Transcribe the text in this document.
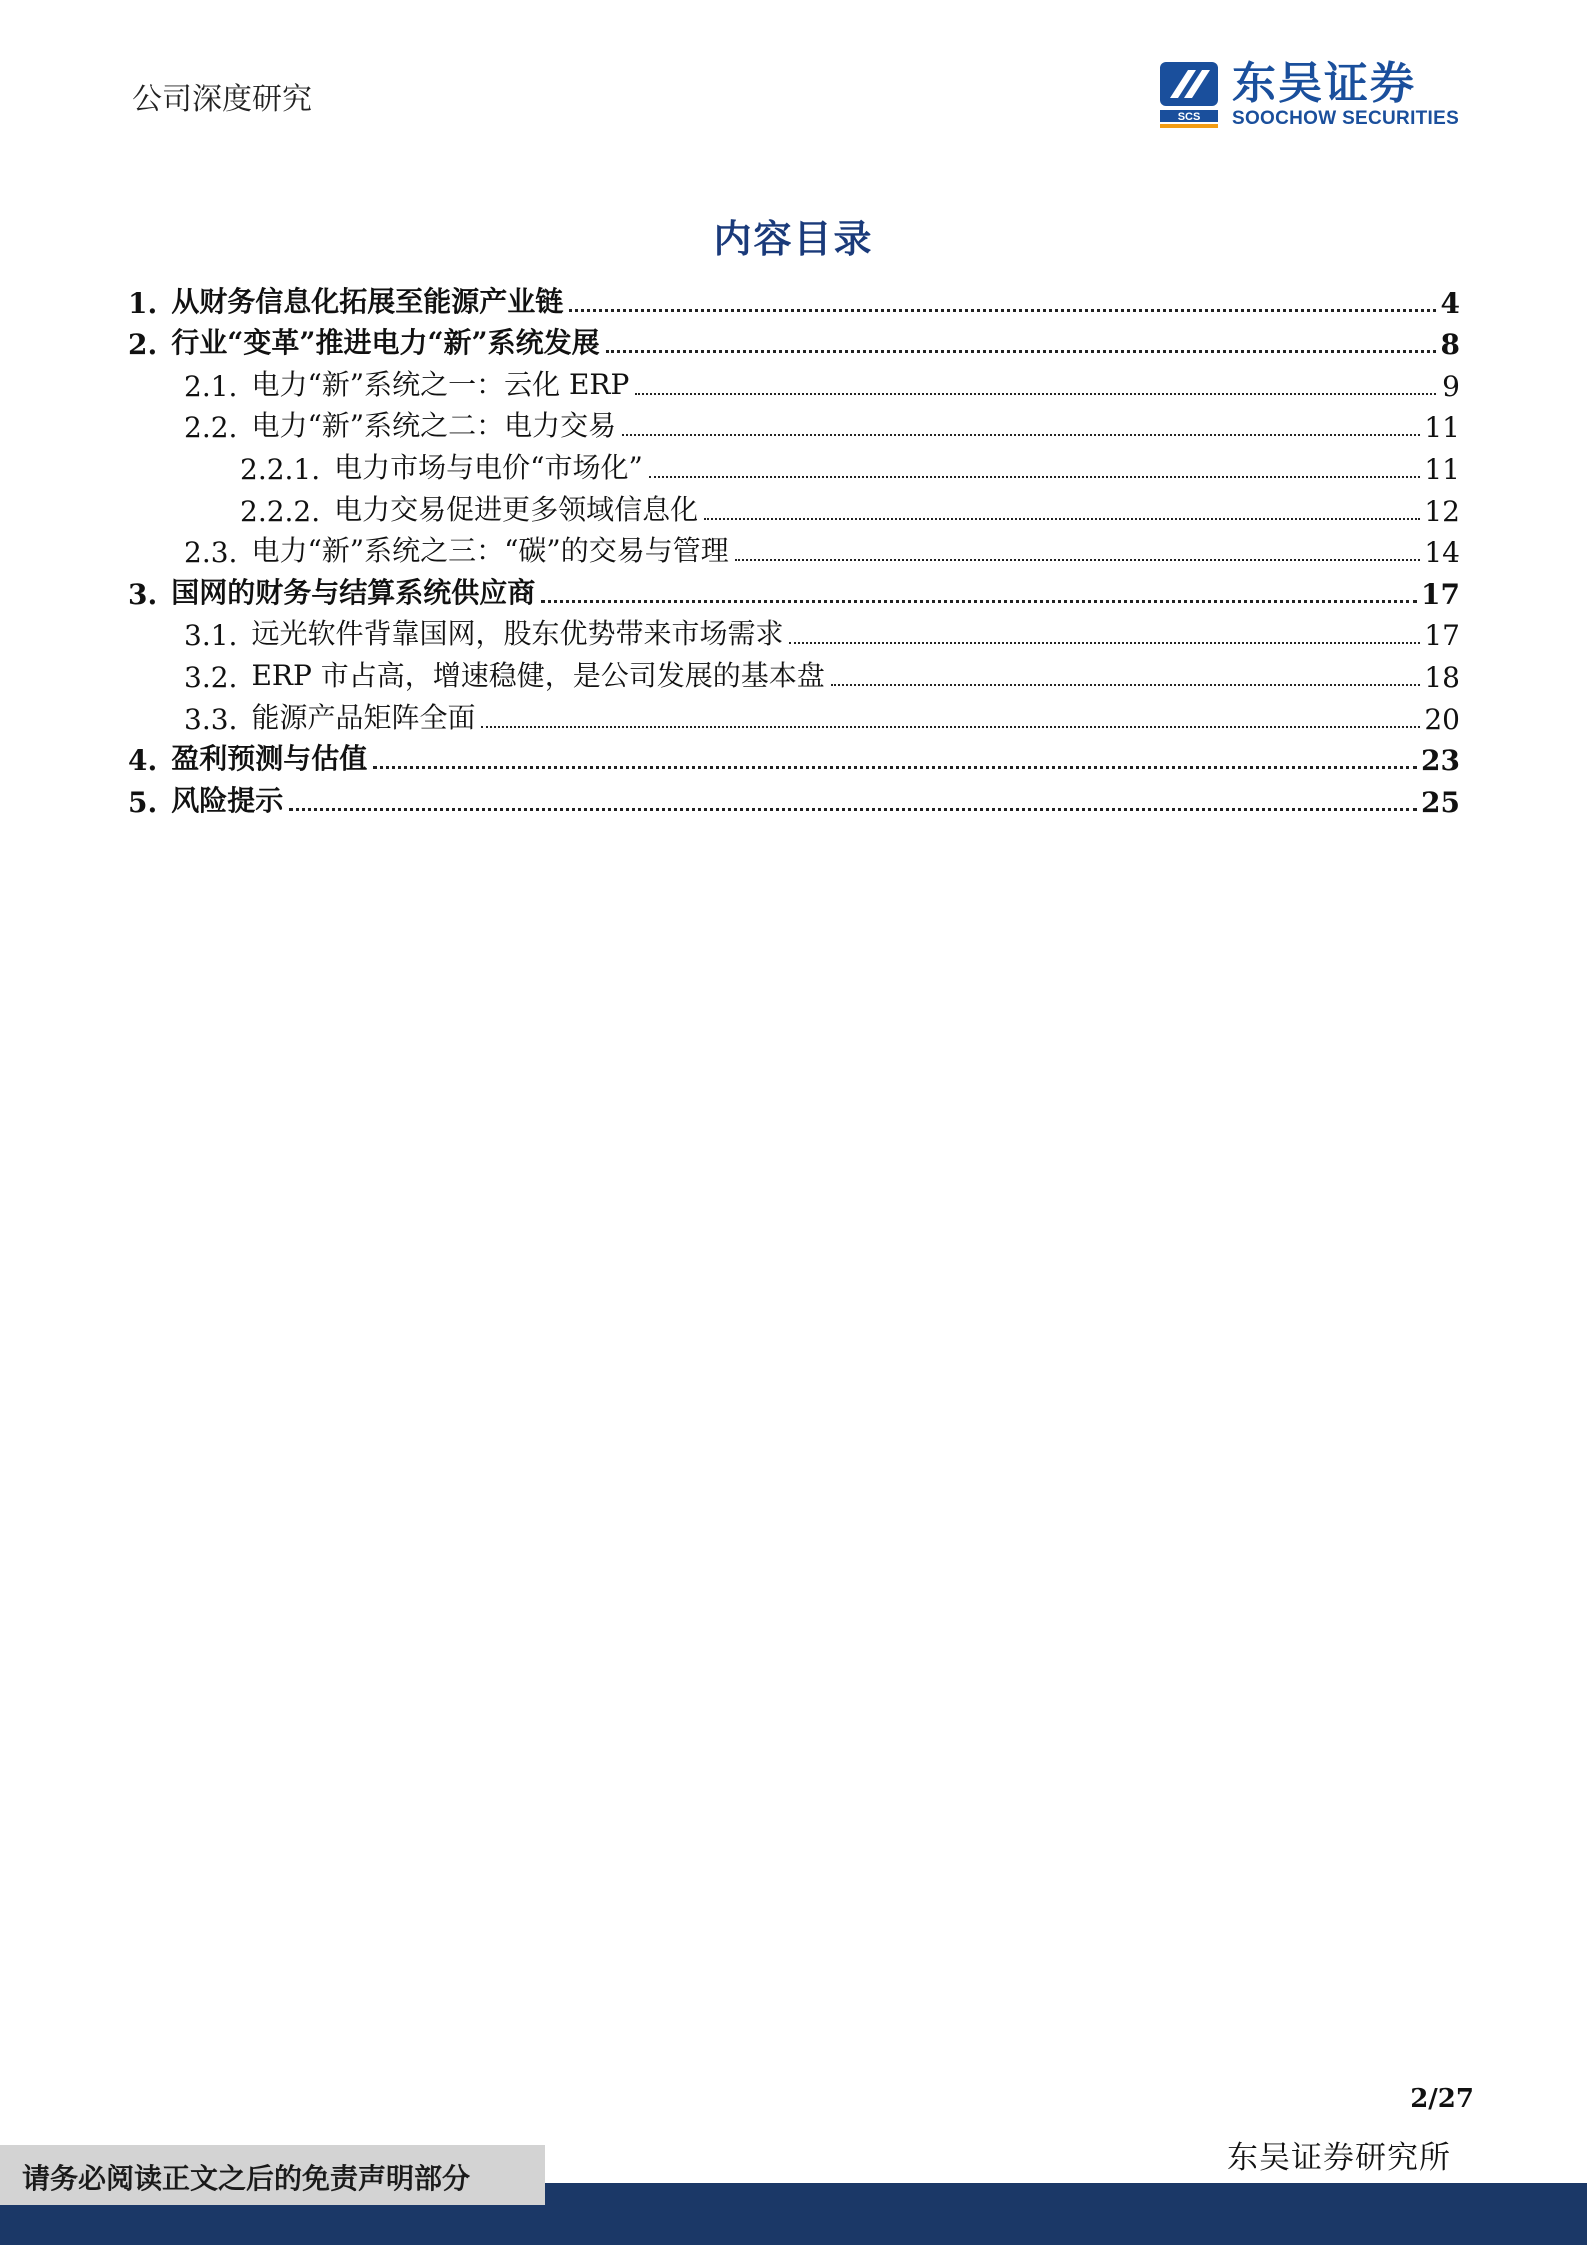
公司深度研究	SCS
东吴证券
SOOCHOW SECURITIES
内容目录
1. 从财务信息化拓展至能源产业链	4
2. 行业“变革”推进电力“新”系统发展	8
2.1. 电力“新”系统之一：云化 ERP	9
2.2. 电力“新”系统之二：电力交易	11
2.2.1. 电力市场与电价“市场化”	11
2.2.2. 电力交易促进更多领域信息化	12
2.3. 电力“新”系统之三：“碳”的交易与管理	14
3. 国网的财务与结算系统供应商	17
3.1. 远光软件背靠国网，股东优势带来市场需求	17
3.2. ERP 市占高，增速稳健，是公司发展的基本盘	18
3.3. 能源产品矩阵全面	20
4. 盈利预测与估值	23
5. 风险提示	25
2/27
东吴证券研究所
请务必阅读正文之后的免责声明部分
